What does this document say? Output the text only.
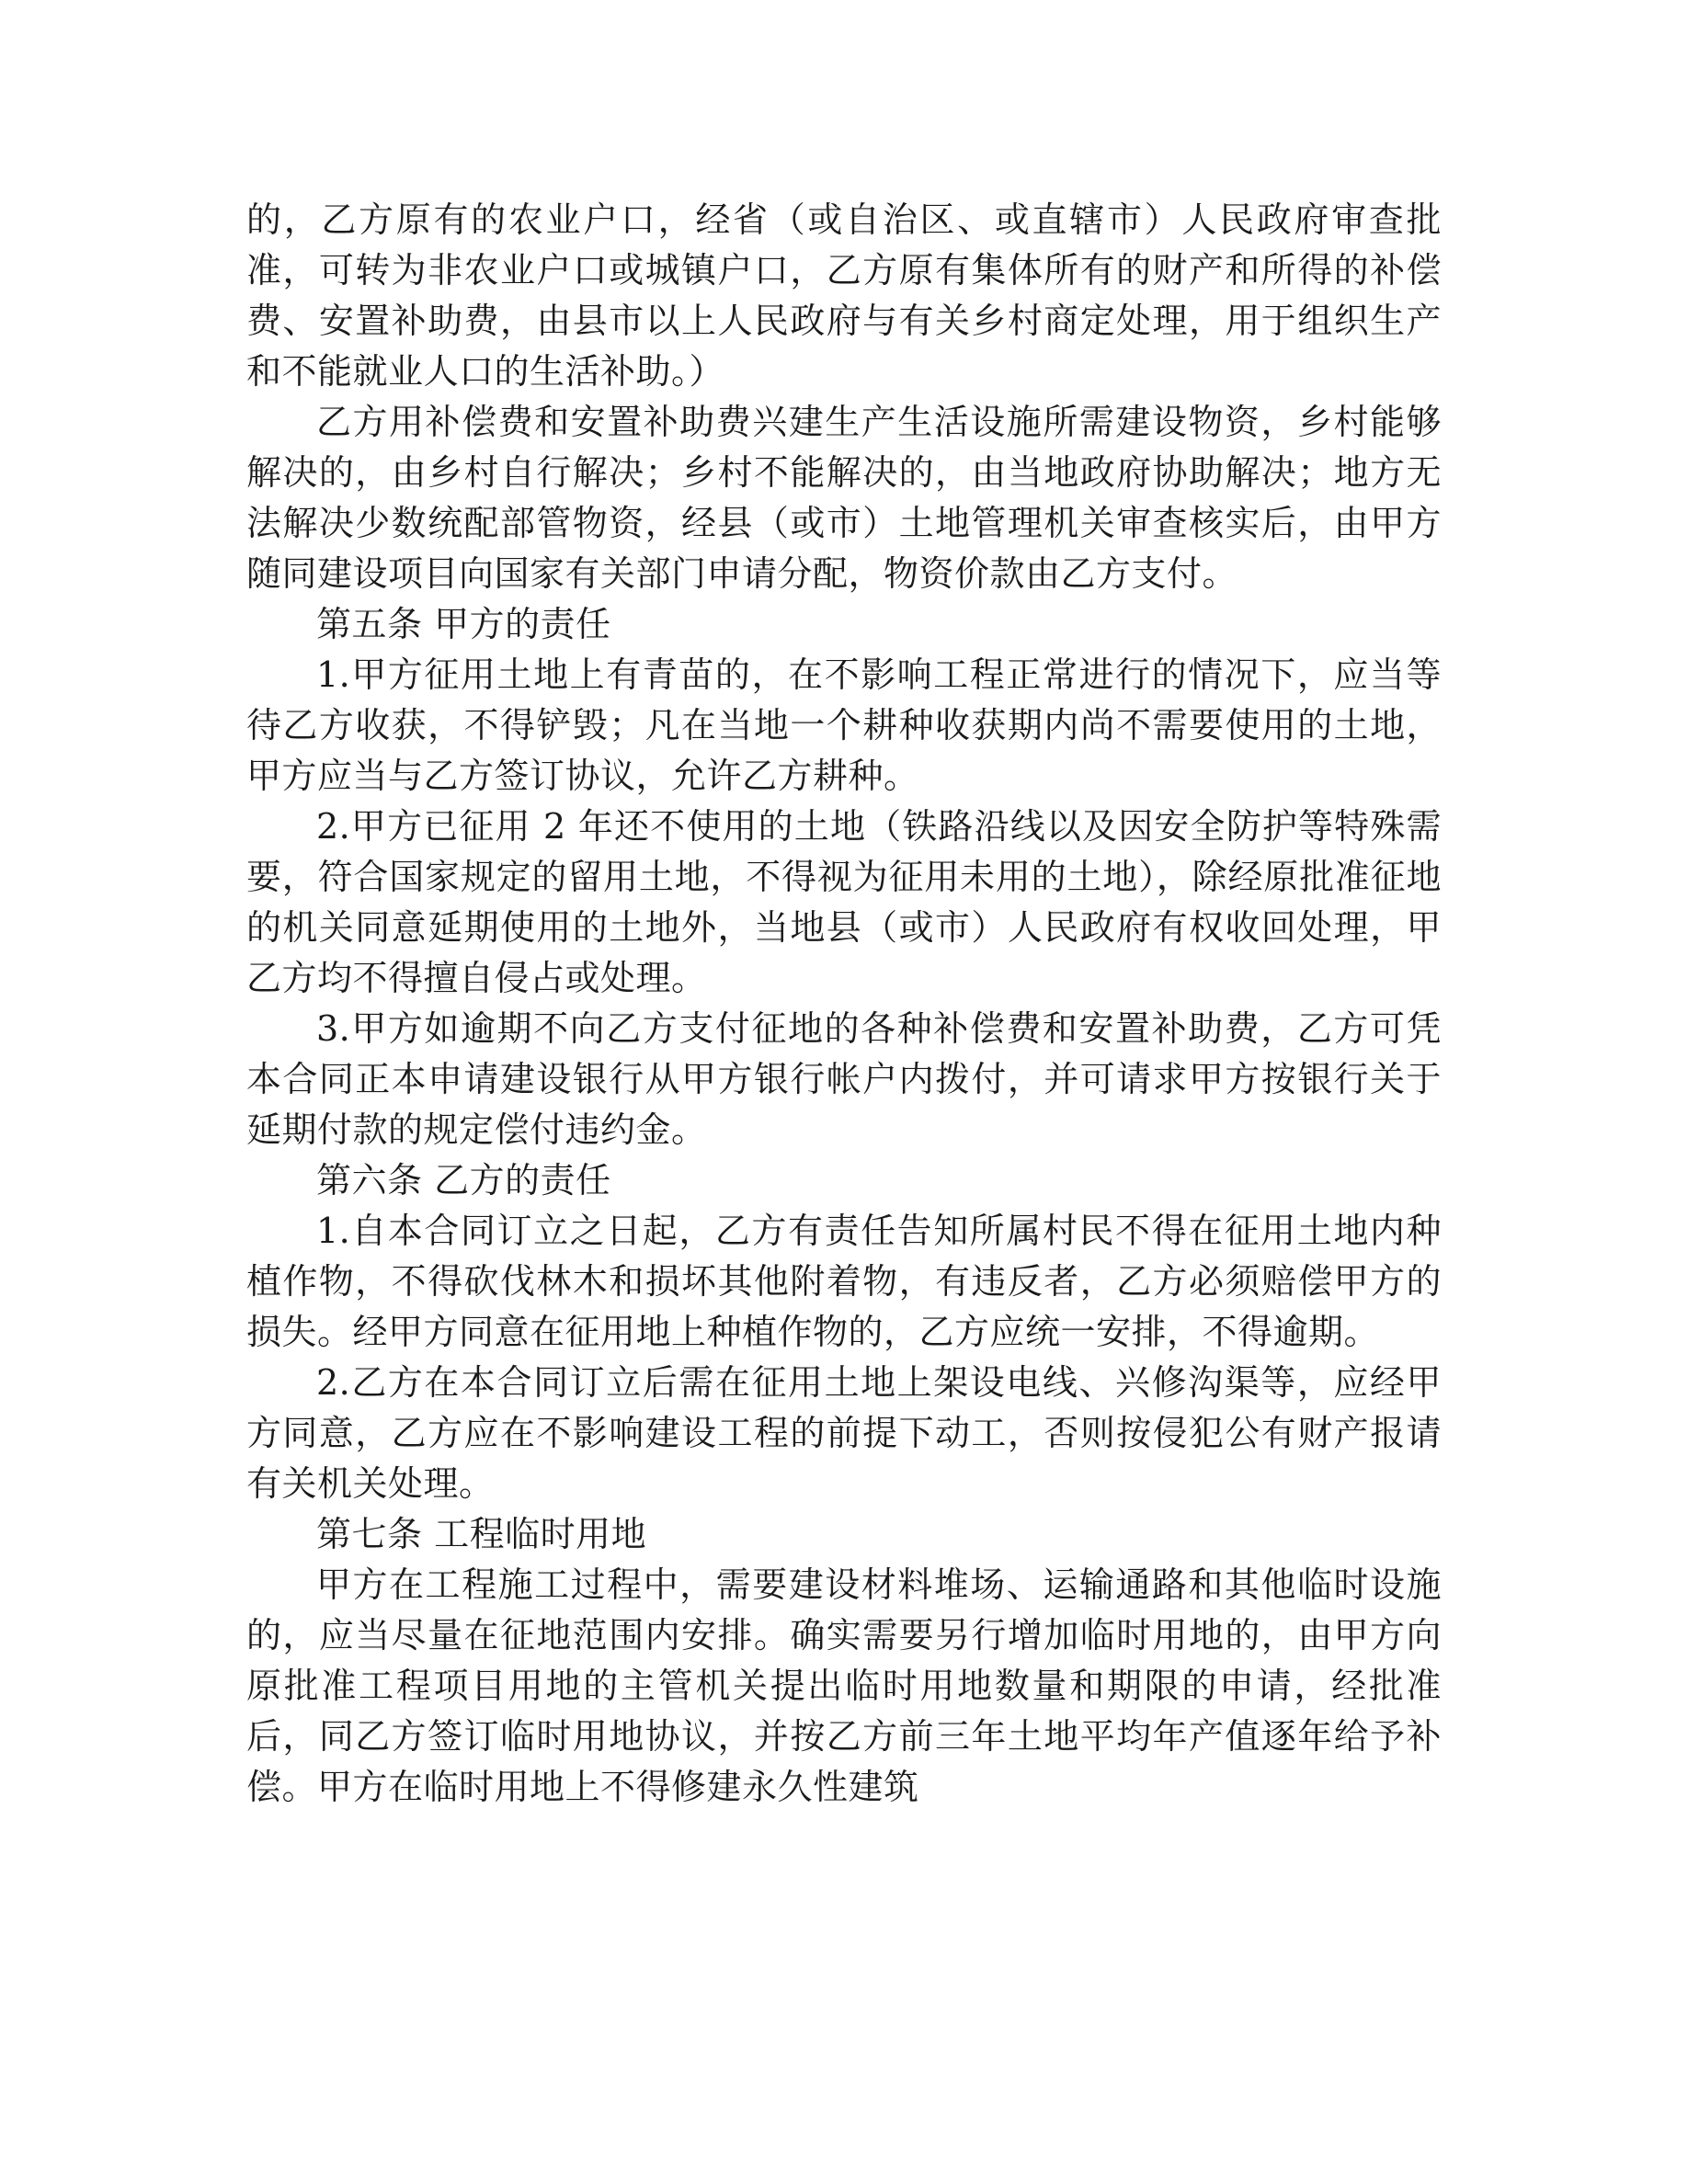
的，乙方原有的农业户口，经省（或自治区、或直辖市）人民政府审查批准，可转为非农业户口或城镇户口，乙方原有集体所有的财产和所得的补偿费、安置补助费，由县市以上人民政府与有关乡村商定处理，用于组织生产和不能就业人口的生活补助。）

乙方用补偿费和安置补助费兴建生产生活设施所需建设物资，乡村能够解决的，由乡村自行解决；乡村不能解决的，由当地政府协助解决；地方无法解决少数统配部管物资，经县（或市）土地管理机关审查核实后，由甲方随同建设项目向国家有关部门申请分配，物资价款由乙方支付。

第五条 甲方的责任

1.甲方征用土地上有青苗的，在不影响工程正常进行的情况下，应当等待乙方收获，不得铲毁；凡在当地一个耕种收获期内尚不需要使用的土地，甲方应当与乙方签订协议，允许乙方耕种。

2.甲方已征用 2 年还不使用的土地（铁路沿线以及因安全防护等特殊需要，符合国家规定的留用土地，不得视为征用未用的土地），除经原批准征地的机关同意延期使用的土地外，当地县（或市）人民政府有权收回处理，甲乙方均不得擅自侵占或处理。

3.甲方如逾期不向乙方支付征地的各种补偿费和安置补助费，乙方可凭本合同正本申请建设银行从甲方银行帐户内拨付，并可请求甲方按银行关于延期付款的规定偿付违约金。

第六条 乙方的责任

1.自本合同订立之日起，乙方有责任告知所属村民不得在征用土地内种植作物，不得砍伐林木和损坏其他附着物，有违反者，乙方必须赔偿甲方的损失。经甲方同意在征用地上种植作物的，乙方应统一安排，不得逾期。

2.乙方在本合同订立后需在征用土地上架设电线、兴修沟渠等，应经甲方同意，乙方应在不影响建设工程的前提下动工，否则按侵犯公有财产报请有关机关处理。

第七条 工程临时用地

甲方在工程施工过程中，需要建设材料堆场、运输通路和其他临时设施的，应当尽量在征地范围内安排。确实需要另行增加临时用地的，由甲方向原批准工程项目用地的主管机关提出临时用地数量和期限的申请，经批准后，同乙方签订临时用地协议，并按乙方前三年土地平均年产值逐年给予补偿。甲方在临时用地上不得修建永久性建筑
